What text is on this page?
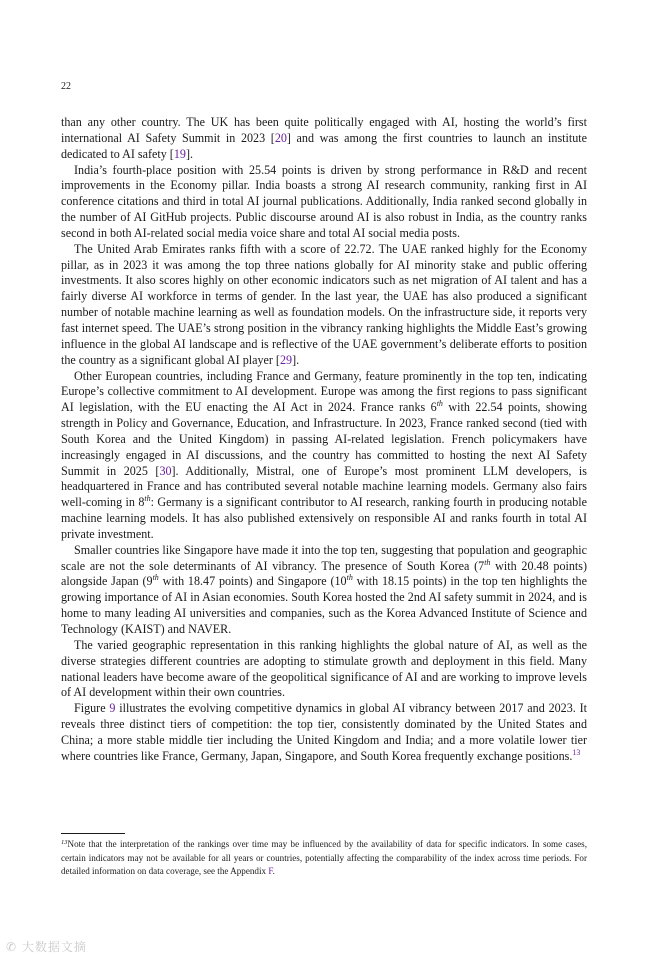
22

than any other country. The UK has been quite politically engaged with AI, hosting the world’s first international AI Safety Summit in 2023 [20] and was among the first countries to launch an institute dedicated to AI safety [19].

India’s fourth-place position with 25.54 points is driven by strong performance in R&D and recent improvements in the Economy pillar. India boasts a strong AI research community, ranking first in AI conference citations and third in total AI journal publications. Additionally, India ranked second globally in the number of AI GitHub projects. Public discourse around AI is also robust in India, as the country ranks second in both AI-related social media voice share and total AI social media posts.

The United Arab Emirates ranks fifth with a score of 22.72. The UAE ranked highly for the Economy pillar, as in 2023 it was among the top three nations globally for AI minority stake and public offering investments. It also scores highly on other economic indicators such as net migration of AI talent and has a fairly diverse AI workforce in terms of gender. In the last year, the UAE has also produced a significant number of notable machine learning as well as foundation models. On the infrastructure side, it reports very fast internet speed. The UAE’s strong position in the vibrancy ranking highlights the Middle East’s growing influence in the global AI landscape and is reflective of the UAE government’s deliberate efforts to position the country as a significant global AI player [29].

Other European countries, including France and Germany, feature prominently in the top ten, indicating Europe’s collective commitment to AI development. Europe was among the first regions to pass significant AI legislation, with the EU enacting the AI Act in 2024. France ranks 6th with 22.54 points, showing strength in Policy and Governance, Education, and Infrastructure. In 2023, France ranked second (tied with South Korea and the United Kingdom) in passing AI-related legislation. French policymakers have increasingly engaged in AI discussions, and the country has committed to hosting the next AI Safety Summit in 2025 [30]. Additionally, Mistral, one of Europe’s most prominent LLM developers, is headquartered in France and has contributed several notable machine learning models. Germany also fairs well-coming in 8th: Germany is a significant contributor to AI research, ranking fourth in producing notable machine learning models. It has also published extensively on responsible AI and ranks fourth in total AI private investment.

Smaller countries like Singapore have made it into the top ten, suggesting that population and geographic scale are not the sole determinants of AI vibrancy. The presence of South Korea (7th with 20.48 points) alongside Japan (9th with 18.47 points) and Singapore (10th with 18.15 points) in the top ten highlights the growing importance of AI in Asian economies. South Korea hosted the 2nd AI safety summit in 2024, and is home to many leading AI universities and companies, such as the Korea Advanced Institute of Science and Technology (KAIST) and NAVER.

The varied geographic representation in this ranking highlights the global nature of AI, as well as the diverse strategies different countries are adopting to stimulate growth and deployment in this field. Many national leaders have become aware of the geopolitical significance of AI and are working to improve levels of AI development within their own countries.

Figure 9 illustrates the evolving competitive dynamics in global AI vibrancy between 2017 and 2023. It reveals three distinct tiers of competition: the top tier, consistently dominated by the United States and China; a more stable middle tier including the United Kingdom and India; and a more volatile lower tier where countries like France, Germany, Japan, Singapore, and South Korea frequently exchange positions.$^{13}$

$^{13}$Note that the interpretation of the rankings over time may be influenced by the availability of data for specific indicators. In some cases, certain indicators may not be available for all years or countries, potentially affecting the comparability of the index across time periods. For detailed information on data coverage, see the Appendix F.

✆ 大数据文摘
